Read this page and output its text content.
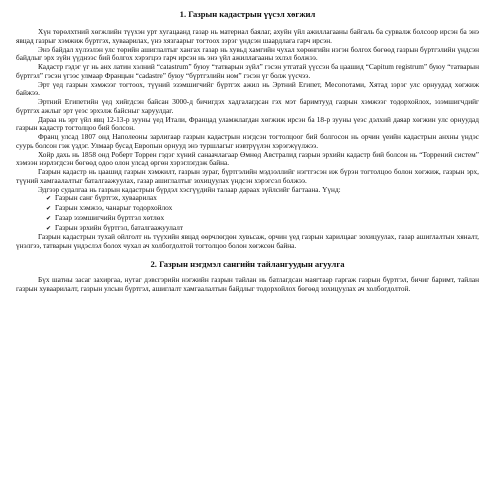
1. Газрын кадастрын үүсэл хөгжил

Хүн төрөлхтний хөгжлийн түүхэн урт хугацаанд газар нь материал баялаг, ахуйн үйл ажиллагааны байгаль ба сурвалж болсоор ирсэн ба энэ явцад газрыг хэмжиж бүртгэх, хуваарилах, үнэ хязгаарыг тогтоох зэрэг үндсэн шаардлага гарч ирсэн.

Энэ байдал хүлээлэн улс төрийн ашиглалтыг хангах газар нь хувьд хамгийн чухал хөрөнгийн нэгэн болгох бөгөөд газрын бүртгэлийн үндсэн байдлыг эрх зүйн үүднээс бий болгох хэрэгцээ гарч ирсэн нь энэ үйл ажиллагааны эхлэл болжээ.

Кадастр гэдэг үг нь анх латин хэлний “catastrum” буюу “татварын зүйл” гэсэн утгатай үүссэн ба цаашид “Capitum registrum” буюу “татварын бүртгэл” гэсэн үгээс улмаар Францын “cadastre” буюу “бүртгэлийн ном” гэсэн үг болж үүсчээ.

Эрт үед газрын хэмжээг тогтоох, түүний эзэмшигчийг бүртгэх ажил нь Эртний Египет, Месопотами, Хятад зэрэг улс орнуудад хөгжиж байжээ.

Эртний Египетийн үед хийгдсэн байсан 3000-д бичигдэх хадгалагдсан гэх мэт баримтууд газрын хэмжээг тодорхойлох, эзэмшигчдийг бүртгэх ажлыг эрт үеэс эрхэлж байсныг харуулдаг.

Дараа нь эрт үйл явц 12-13-р зууны үед Итали, Францад уламжлагдан хөгжиж ирсэн ба 18-р зууны үеэс дэлхий даяар хөгжин улс орнуудад газрын кадастр тогтолцоо бий болсон.

Франц улсад 1807 онд Наполеоны зарлигаар газрын кадастрын нэгдсэн тогтолцоог бий болгосон нь орчин үеийн кадастрын анхны үндэс суурь болсон гэж үздэг. Улмаар бусад Европын орнууд энэ туршлагыг нэвтрүүлэн хэрэгжүүлжээ.

Хойр дахь нь 1858 онд Роберт Торрен гэдэг хүний санаачлагаар Өмнөд Австралид газрын эрхийн кадастр бий болсон нь “Торрений систем” хэмээн нэрлэгдсэн бөгөөд одоо олон улсад өргөн хэрэглэгдэж байна.

Газрын кадастр нь цаашид газрын хэмжилт, газрын зураг, бүртгэлийн мэдээллийг нэгтгэсэн иж бүрэн тогтолцоо болон хөгжиж, газрын эрх, түүний хамгаалалтыг баталгаажуулах, газар ашиглалтыг зохицуулах үндсэн хэрэгсэл болжээ.

Эдгээр судалгаа нь газрын кадастрын бүрдэл хэсгүүдийн талаар дараах зүйлсийг багтаана. Үүнд:

✔ Газрын санг бүртгэх, хуваарилах
✔ Газрын хэмжээ, чанарыг тодорхойлох
✔ Газар эзэмшигчийн бүртгэл хөтлөх
✔ Газрын эрхийн бүртгэл, баталгаажуулалт

Газрын кадастрын тухай ойлголт нь түүхийн явцад өөрчлөгдөн хувьсаж, орчин үед газрын харилцааг зохицуулах, газар ашиглалтын хяналт, үнэлгээ, татварын үндэслэл болох чухал ач холбогдолтой тогтолцоо болон хөгжсөн байна.

2. Газрын нэгдмэл сангийн тайлангуудын агуулга

Бүх шатны засаг захиргаа, нутаг дэвсгэрийн нэгжийн газрын тайлан нь батлагдсан маягтаар гаргаж газрын бүртгэл, бичиг баримт, тайлан газрын хуваарилалт, газрын улсын бүртгэл, ашиглалт хамгаалалтын байдлыг тодорхойлох бөгөөд зохицуулах ач холбогдолтой.
